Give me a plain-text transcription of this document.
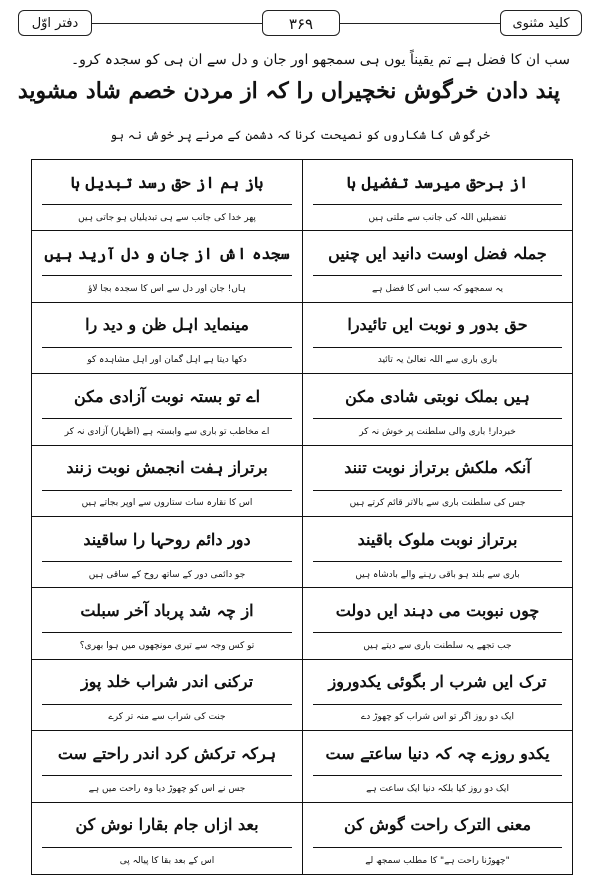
دفتر اوّل	۳۶۹	کلید مثنوی
سب ان کا فضل ہے تم یقیناً یوں ہی سمجھو اور جان و دل سے ان ہی کو سجدہ کرو۔
پند دادن خرگوش نخچیراں را کہ از مردن خصم شاد مشوید
خرگوش کا شکاروں کو نصیحت کرنا کہ دشمن کے مرنے پر خوش نہ ہو
از برحق میرسد تفضیل ہا
تفضیلیں اللہ کی جانب سے ملتی ہیں
باز ہم از حق رسد تبدیل ہا
پھر خدا کی جانب سے ہی تبدیلیاں ہو جاتی ہیں
جملہ فضل اوست دانید ایں چنیں
یہ سمجھو کہ سب اس کا فضل ہے
سجدہ اش از جان و دل آرید ہیں
ہاں! جان اور دل سے اس کا سجدہ بجا لاؤ
حق بدور و نوبت ایں تائیدرا
باری باری سے اللہ تعالیٰ یہ تائید
مینماید اہل ظن و دید را
دکھا دیتا ہے اہل گمان اور اہل مشاہدہ کو
ہیں بملک نوبتی شادی مکن
خبردار! باری والی سلطنت پر خوش نہ کر
اے تو بستہ نوبت آزادی مکن
اے مخاطب تو باری سے وابستہ ہے (اظہار) آزادی نہ کر
آنکہ ملکش برتراز نوبت تنند
جس کی سلطنت باری سے بالاتر قائم کرتے ہیں
برتراز ہفت انجمش نوبت زنند
اس کا نقارہ سات ستاروں سے اوپر بجاتے ہیں
برتراز نوبت ملوک باقیند
باری سے بلند ہو باقی رہنے والے بادشاہ ہیں
دور دائم روحہا را ساقیند
جو دائمی دور کے ساتھ روح کے ساقی ہیں
چوں نبوبت می دہند ایں دولت
جب تجھے یہ سلطنت باری سے دیتے ہیں
از چہ شد پرباد آخر سبلت
تو کس وجہ سے تیری مونچھوں میں ہوا بھری؟
ترک ایں شرب ار بگوئی یکدوروز
ایک دو روز اگر تو اس شراب کو چھوڑ دے
ترکنی اندر شراب خلد پوز
جنت کی شراب سے منہ تر کرے
یکدو روزے چہ کہ دنیا ساعتے ست
ایک دو روز کیا بلکہ دنیا ایک ساعت ہے
ہرکہ ترکش کرد اندر راحتے ست
جس نے اس کو چھوڑ دیا وہ راحت میں ہے
معنی الترک راحت گوش کن
"چھوڑنا راحت ہے" کا مطلب سمجھ لے
بعد ازاں جام بقارا نوش کن
اس کے بعد بقا کا پیالہ پی
